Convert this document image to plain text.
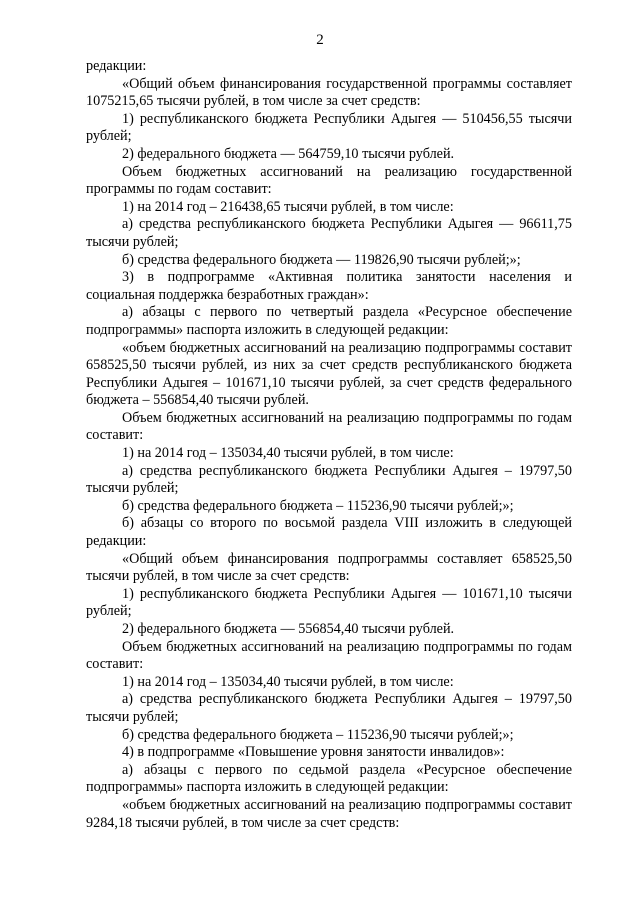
2

редакции:

«Общий объем финансирования государственной программы составляет 1075215,65 тысячи рублей, в том числе за счет средств:

1) республиканского бюджета Республики Адыгея — 510456,55 тысячи рублей;

2) федерального бюджета — 564759,10 тысячи рублей.

Объем бюджетных ассигнований на реализацию государственной программы по годам составит:

1) на 2014 год – 216438,65 тысячи рублей, в том числе:

а) средства республиканского бюджета Республики Адыгея — 96611,75 тысячи рублей;

б) средства федерального бюджета — 119826,90 тысячи рублей;»;

3) в подпрограмме «Активная политика занятости населения и социальная поддержка безработных граждан»:

а) абзацы с первого по четвертый раздела «Ресурсное обеспечение подпрограммы» паспорта изложить в следующей редакции:

«объем бюджетных ассигнований на реализацию подпрограммы составит 658525,50 тысячи рублей, из них за счет средств республиканского бюджета Республики Адыгея – 101671,10 тысячи рублей, за счет средств федерального бюджета – 556854,40 тысячи рублей.

Объем бюджетных ассигнований на реализацию подпрограммы по годам составит:

1) на 2014 год – 135034,40 тысячи рублей, в том числе:

а) средства республиканского бюджета Республики Адыгея – 19797,50 тысячи рублей;

б) средства федерального бюджета – 115236,90 тысячи рублей;»;

б) абзацы со второго по восьмой раздела VIII изложить в следующей редакции:

«Общий объем финансирования подпрограммы составляет 658525,50 тысячи рублей, в том числе за счет средств:

1) республиканского бюджета Республики Адыгея — 101671,10 тысячи рублей;

2) федерального бюджета — 556854,40 тысячи рублей.

Объем бюджетных ассигнований на реализацию подпрограммы по годам составит:

1) на 2014 год – 135034,40 тысячи рублей, в том числе:

а) средства республиканского бюджета Республики Адыгея – 19797,50 тысячи рублей;

б) средства федерального бюджета – 115236,90 тысячи рублей;»;

4) в подпрограмме «Повышение уровня занятости инвалидов»:

а) абзацы с первого по седьмой раздела «Ресурсное обеспечение подпрограммы» паспорта изложить в следующей редакции:

«объем бюджетных ассигнований на реализацию подпрограммы составит 9284,18 тысячи рублей, в том числе за счет средств:
